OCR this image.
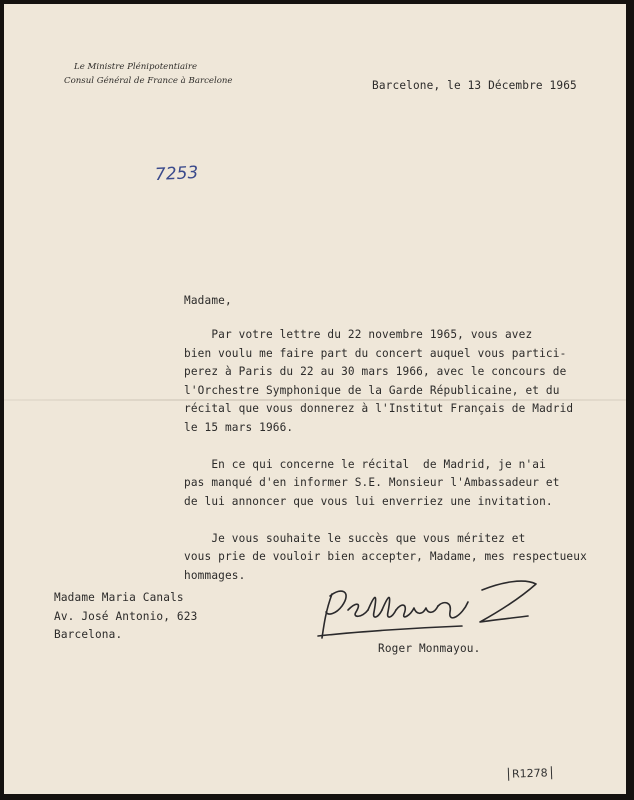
Le Ministre Plénipotentiaire
Consul Général de France à Barcelone	Barcelone, le 13 Décembre 1965
7253
Madame,
Par votre lettre du 22 novembre 1965, vous avez
bien voulu me faire part du concert auquel vous partici-
perez à Paris du 22 au 30 mars 1966, avec le concours de
l'Orchestre Symphonique de la Garde Républicaine, et du
récital que vous donnerez à l'Institut Français de Madrid
le 15 mars 1966.
En ce qui concerne le récital  de Madrid, je n'ai
pas manqué d'en informer S.E. Monsieur l'Ambassadeur et
de lui annoncer que vous lui enverriez une invitation.
Je vous souhaite le succès que vous méritez et
vous prie de vouloir bien accepter, Madame, mes respectueux
hommages.
Madame Maria Canals
Av. José Antonio, 623
Barcelona.
Roger Monmayou.
R1278
